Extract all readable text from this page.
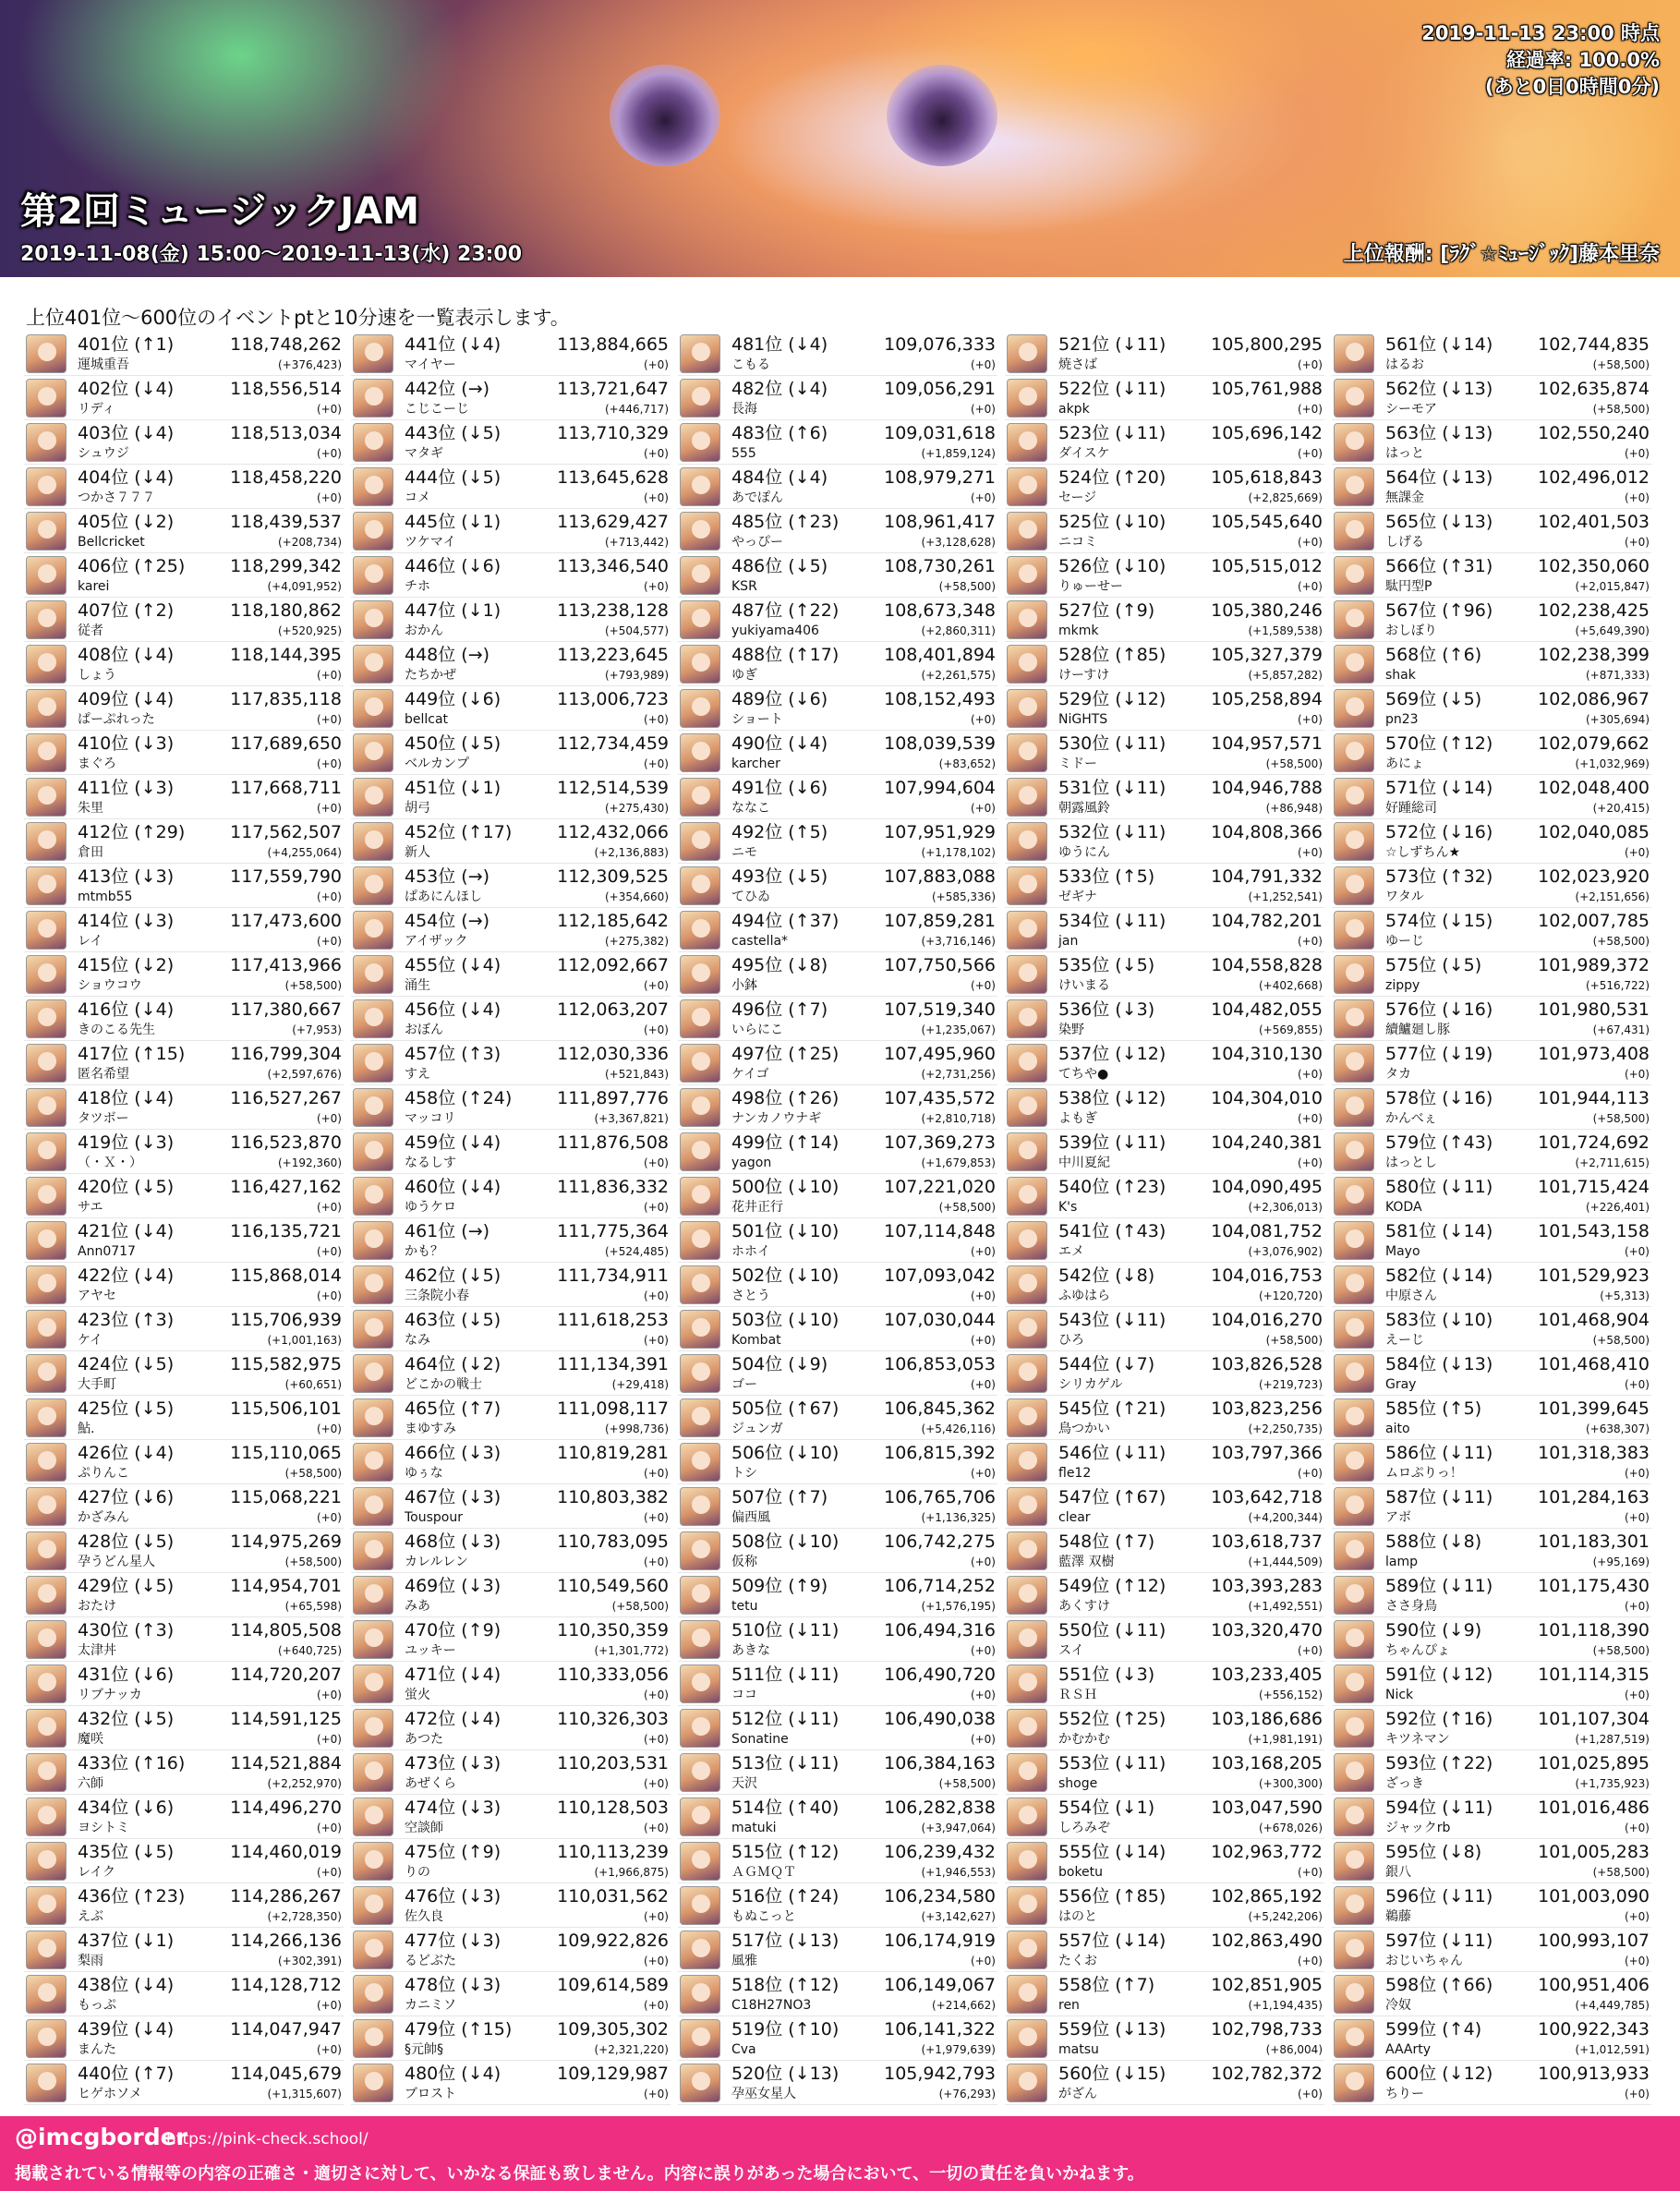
第2回ミュージックJAM
2019-11-08(金) 15:00～2019-11-13(水) 23:00	上位報酬: [ﾗｸﾞ☆ﾐｭｰｼﾞｯｸ]藤本里奈
2019-11-13 23:00 時点
経過率: 100.0%
(あと0日0時間0分)
上位401位～600位のイベントptと10分速を一覧表示します。
401位 (↑1)	118,748,262
運城重吾	(+376,423)
402位 (↓4)	118,556,514
リディ	(+0)
403位 (↓4)	118,513,034
シュウジ	(+0)
404位 (↓4)	118,458,220
つかさ７７７	(+0)
405位 (↓2)	118,439,537
Bellcricket	(+208,734)
406位 (↑25)	118,299,342
karei	(+4,091,952)
407位 (↑2)	118,180,862
従者	(+520,925)
408位 (↓4)	118,144,395
しょう	(+0)
409位 (↓4)	117,835,118
ぱーぷれった	(+0)
410位 (↓3)	117,689,650
まぐろ	(+0)
411位 (↓3)	117,668,711
朱里	(+0)
412位 (↑29)	117,562,507
倉田	(+4,255,064)
413位 (↓3)	117,559,790
mtmb55	(+0)
414位 (↓3)	117,473,600
レイ	(+0)
415位 (↓2)	117,413,966
ショウコウ	(+58,500)
416位 (↓4)	117,380,667
きのこる先生	(+7,953)
417位 (↑15)	116,799,304
匿名希望	(+2,597,676)
418位 (↓4)	116,527,267
タツボー	(+0)
419位 (↓3)	116,523,870
（・Ｘ・）	(+192,360)
420位 (↓5)	116,427,162
サエ	(+0)
421位 (↓4)	116,135,721
Ann0717	(+0)
422位 (↓4)	115,868,014
アヤセ	(+0)
423位 (↑3)	115,706,939
ケイ	(+1,001,163)
424位 (↓5)	115,582,975
大手町	(+60,651)
425位 (↓5)	115,506,101
鮎.	(+0)
426位 (↓4)	115,110,065
ぷりんこ	(+58,500)
427位 (↓6)	115,068,221
かざみん	(+0)
428位 (↓5)	114,975,269
孕うどん星人	(+58,500)
429位 (↓5)	114,954,701
おたけ	(+65,598)
430位 (↑3)	114,805,508
太津丼	(+640,725)
431位 (↓6)	114,720,207
リブナッカ	(+0)
432位 (↓5)	114,591,125
魔咲	(+0)
433位 (↑16)	114,521,884
六師	(+2,252,970)
434位 (↓6)	114,496,270
ヨシトミ	(+0)
435位 (↓5)	114,460,019
レイク	(+0)
436位 (↑23)	114,286,267
えぶ	(+2,728,350)
437位 (↓1)	114,266,136
梨雨	(+302,391)
438位 (↓4)	114,128,712
もっぷ	(+0)
439位 (↓4)	114,047,947
まんた	(+0)
440位 (↑7)	114,045,679
ヒゲホソメ	(+1,315,607)
441位 (↓4)	113,884,665
マイヤー	(+0)
442位 (→)	113,721,647
こじこーじ	(+446,717)
443位 (↓5)	113,710,329
マタギ	(+0)
444位 (↓5)	113,645,628
コメ	(+0)
445位 (↓1)	113,629,427
ツケマイ	(+713,442)
446位 (↓6)	113,346,540
チホ	(+0)
447位 (↓1)	113,238,128
おかん	(+504,577)
448位 (→)	113,223,645
たちかぜ	(+793,989)
449位 (↓6)	113,006,723
bellcat	(+0)
450位 (↓5)	112,734,459
ベルカンプ	(+0)
451位 (↓1)	112,514,539
胡弓	(+275,430)
452位 (↑17)	112,432,066
新人	(+2,136,883)
453位 (→)	112,309,525
ぱあにんほし	(+354,660)
454位 (→)	112,185,642
アイザック	(+275,382)
455位 (↓4)	112,092,667
涌生	(+0)
456位 (↓4)	112,063,207
おぼん	(+0)
457位 (↑3)	112,030,336
すえ	(+521,843)
458位 (↑24)	111,897,776
マッコリ	(+3,367,821)
459位 (↓4)	111,876,508
なるしす	(+0)
460位 (↓4)	111,836,332
ゆうケロ	(+0)
461位 (→)	111,775,364
かも？	(+524,485)
462位 (↓5)	111,734,911
三条院小春	(+0)
463位 (↓5)	111,618,253
なみ	(+0)
464位 (↓2)	111,134,391
どこかの戦士	(+29,418)
465位 (↑7)	111,098,117
まゆすみ	(+998,736)
466位 (↓3)	110,819,281
ゆぅな	(+0)
467位 (↓3)	110,803,382
Touspour	(+0)
468位 (↓3)	110,783,095
カレルレン	(+0)
469位 (↓3)	110,549,560
みあ	(+58,500)
470位 (↑9)	110,350,359
ユッキー	(+1,301,772)
471位 (↓4)	110,333,056
蛍火	(+0)
472位 (↓4)	110,326,303
あつた	(+0)
473位 (↓3)	110,203,531
あぜくら	(+0)
474位 (↓3)	110,128,503
空談師	(+0)
475位 (↑9)	110,113,239
りの	(+1,966,875)
476位 (↓3)	110,031,562
佐久良	(+0)
477位 (↓3)	109,922,826
るどぶた	(+0)
478位 (↓3)	109,614,589
カニミソ	(+0)
479位 (↑15)	109,305,302
§元帥§	(+2,321,220)
480位 (↓4)	109,129,987
ブロスト	(+0)
481位 (↓4)	109,076,333
こもる	(+0)
482位 (↓4)	109,056,291
長海	(+0)
483位 (↑6)	109,031,618
555	(+1,859,124)
484位 (↓4)	108,979,271
あでぽん	(+0)
485位 (↑23)	108,961,417
やっぴー	(+3,128,628)
486位 (↓5)	108,730,261
KSR	(+58,500)
487位 (↑22)	108,673,348
yukiyama406	(+2,860,311)
488位 (↑17)	108,401,894
ゆぎ	(+2,261,575)
489位 (↓6)	108,152,493
ショート	(+0)
490位 (↓4)	108,039,539
karcher	(+83,652)
491位 (↓6)	107,994,604
ななこ	(+0)
492位 (↑5)	107,951,929
ニモ	(+1,178,102)
493位 (↓5)	107,883,088
てひゐ	(+585,336)
494位 (↑37)	107,859,281
castella*	(+3,716,146)
495位 (↓8)	107,750,566
小鉢	(+0)
496位 (↑7)	107,519,340
いらにこ	(+1,235,067)
497位 (↑25)	107,495,960
ケイゴ	(+2,731,256)
498位 (↑26)	107,435,572
ナンカノウナギ	(+2,810,718)
499位 (↑14)	107,369,273
yagon	(+1,679,853)
500位 (↓10)	107,221,020
花井正行	(+58,500)
501位 (↓10)	107,114,848
ホホイ	(+0)
502位 (↓10)	107,093,042
さとう	(+0)
503位 (↓10)	107,030,044
Kombat	(+0)
504位 (↓9)	106,853,053
ゴー	(+0)
505位 (↑67)	106,845,362
ジュンガ	(+5,426,116)
506位 (↓10)	106,815,392
トシ	(+0)
507位 (↑7)	106,765,706
偏西風	(+1,136,325)
508位 (↓10)	106,742,275
仮称	(+0)
509位 (↑9)	106,714,252
tetu	(+1,576,195)
510位 (↓11)	106,494,316
あきな	(+0)
511位 (↓11)	106,490,720
ココ	(+0)
512位 (↓11)	106,490,038
Sonatine	(+0)
513位 (↓11)	106,384,163
天沢	(+58,500)
514位 (↑40)	106,282,838
matuki	(+3,947,064)
515位 (↑12)	106,239,432
ＡＧＭＱＴ	(+1,946,553)
516位 (↑24)	106,234,580
もぬこっと	(+3,142,627)
517位 (↓13)	106,174,919
風雅	(+0)
518位 (↑12)	106,149,067
C18H27NO3	(+214,662)
519位 (↑10)	106,141,322
Cva	(+1,979,639)
520位 (↓13)	105,942,793
孕巫女星人	(+76,293)
521位 (↓11)	105,800,295
焼さば	(+0)
522位 (↓11)	105,761,988
akpk	(+0)
523位 (↓11)	105,696,142
ダイスケ	(+0)
524位 (↑20)	105,618,843
セージ	(+2,825,669)
525位 (↓10)	105,545,640
ニコミ	(+0)
526位 (↓10)	105,515,012
りゅーせー	(+0)
527位 (↑9)	105,380,246
mkmk	(+1,589,538)
528位 (↑85)	105,327,379
けーすけ	(+5,857,282)
529位 (↓12)	105,258,894
NiGHTS	(+0)
530位 (↓11)	104,957,571
ミドー	(+58,500)
531位 (↓11)	104,946,788
朝露風鈴	(+86,948)
532位 (↓11)	104,808,366
ゆうにん	(+0)
533位 (↑5)	104,791,332
ゼギナ	(+1,252,541)
534位 (↓11)	104,782,201
jan	(+0)
535位 (↓5)	104,558,828
けいまる	(+402,668)
536位 (↓3)	104,482,055
染野	(+569,855)
537位 (↓12)	104,310,130
てちや●	(+0)
538位 (↓12)	104,304,010
よもぎ	(+0)
539位 (↓11)	104,240,381
中川夏紀	(+0)
540位 (↑23)	104,090,495
K's	(+2,306,013)
541位 (↑43)	104,081,752
エメ	(+3,076,902)
542位 (↓8)	104,016,753
ふゆはら	(+120,720)
543位 (↓11)	104,016,270
ひろ	(+58,500)
544位 (↓7)	103,826,528
シリカゲル	(+219,723)
545位 (↑21)	103,823,256
鳥つかい	(+2,250,735)
546位 (↓11)	103,797,366
fle12	(+0)
547位 (↑67)	103,642,718
clear	(+4,200,344)
548位 (↑7)	103,618,737
藍澤 双樹	(+1,444,509)
549位 (↑12)	103,393,283
あくすけ	(+1,492,551)
550位 (↓11)	103,320,470
スイ	(+0)
551位 (↓3)	103,233,405
ＲＳＨ	(+556,152)
552位 (↑25)	103,186,686
かむかむ	(+1,981,191)
553位 (↓11)	103,168,205
shoge	(+300,300)
554位 (↓1)	103,047,590
しろみぞ	(+678,026)
555位 (↓14)	102,963,772
boketu	(+0)
556位 (↑85)	102,865,192
はのと	(+5,242,206)
557位 (↓14)	102,863,490
たくお	(+0)
558位 (↑7)	102,851,905
ren	(+1,194,435)
559位 (↓13)	102,798,733
matsu	(+86,004)
560位 (↓15)	102,782,372
がざん	(+0)
561位 (↓14)	102,744,835
はるお	(+58,500)
562位 (↓13)	102,635,874
シーモア	(+58,500)
563位 (↓13)	102,550,240
はっと	(+0)
564位 (↓13)	102,496,012
無課金	(+0)
565位 (↓13)	102,401,503
しげる	(+0)
566位 (↑31)	102,350,060
駄円型P	(+2,015,847)
567位 (↑96)	102,238,425
おしぼり	(+5,649,390)
568位 (↑6)	102,238,399
shak	(+871,333)
569位 (↓5)	102,086,967
pn23	(+305,694)
570位 (↑12)	102,079,662
あにょ	(+1,032,969)
571位 (↓14)	102,048,400
好踵総司	(+20,415)
572位 (↓16)	102,040,085
☆しずちん★	(+0)
573位 (↑32)	102,023,920
ワタル	(+2,151,656)
574位 (↓15)	102,007,785
ゆーじ	(+58,500)
575位 (↓5)	101,989,372
zippy	(+516,722)
576位 (↓16)	101,980,531
續鱸廻し豚	(+67,431)
577位 (↓19)	101,973,408
タカ	(+0)
578位 (↓16)	101,944,113
かんべぇ	(+58,500)
579位 (↑43)	101,724,692
はっとし	(+2,711,615)
580位 (↓11)	101,715,424
KODA	(+226,401)
581位 (↓14)	101,543,158
Mayo	(+0)
582位 (↓14)	101,529,923
中原さん	(+5,313)
583位 (↓10)	101,468,904
えーじ	(+58,500)
584位 (↓13)	101,468,410
Gray	(+0)
585位 (↑5)	101,399,645
aito	(+638,307)
586位 (↓11)	101,318,383
ムロぷりっ！	(+0)
587位 (↓11)	101,284,163
アボ	(+0)
588位 (↓8)	101,183,301
lamp	(+95,169)
589位 (↓11)	101,175,430
ささ身鳥	(+0)
590位 (↓9)	101,118,390
ちゃんぴょ	(+58,500)
591位 (↓12)	101,114,315
Nick	(+0)
592位 (↑16)	101,107,304
キツネマン	(+1,287,519)
593位 (↑22)	101,025,895
ざっき	(+1,735,923)
594位 (↓11)	101,016,486
ジャックrb	(+0)
595位 (↓8)	101,005,283
銀八	(+58,500)
596位 (↓11)	101,003,090
鵜藤	(+0)
597位 (↓11)	100,993,107
おじいちゃん	(+0)
598位 (↑66)	100,951,406
冷奴	(+4,449,785)
599位 (↑4)	100,922,343
AAArty	(+1,012,591)
600位 (↓12)	100,913,933
ちりー	(+0)
@imcgborder
https://pink-check.school/
掲載されている情報等の内容の正確さ・適切さに対して、いかなる保証も致しません。内容に誤りがあった場合において、一切の責任を負いかねます。
